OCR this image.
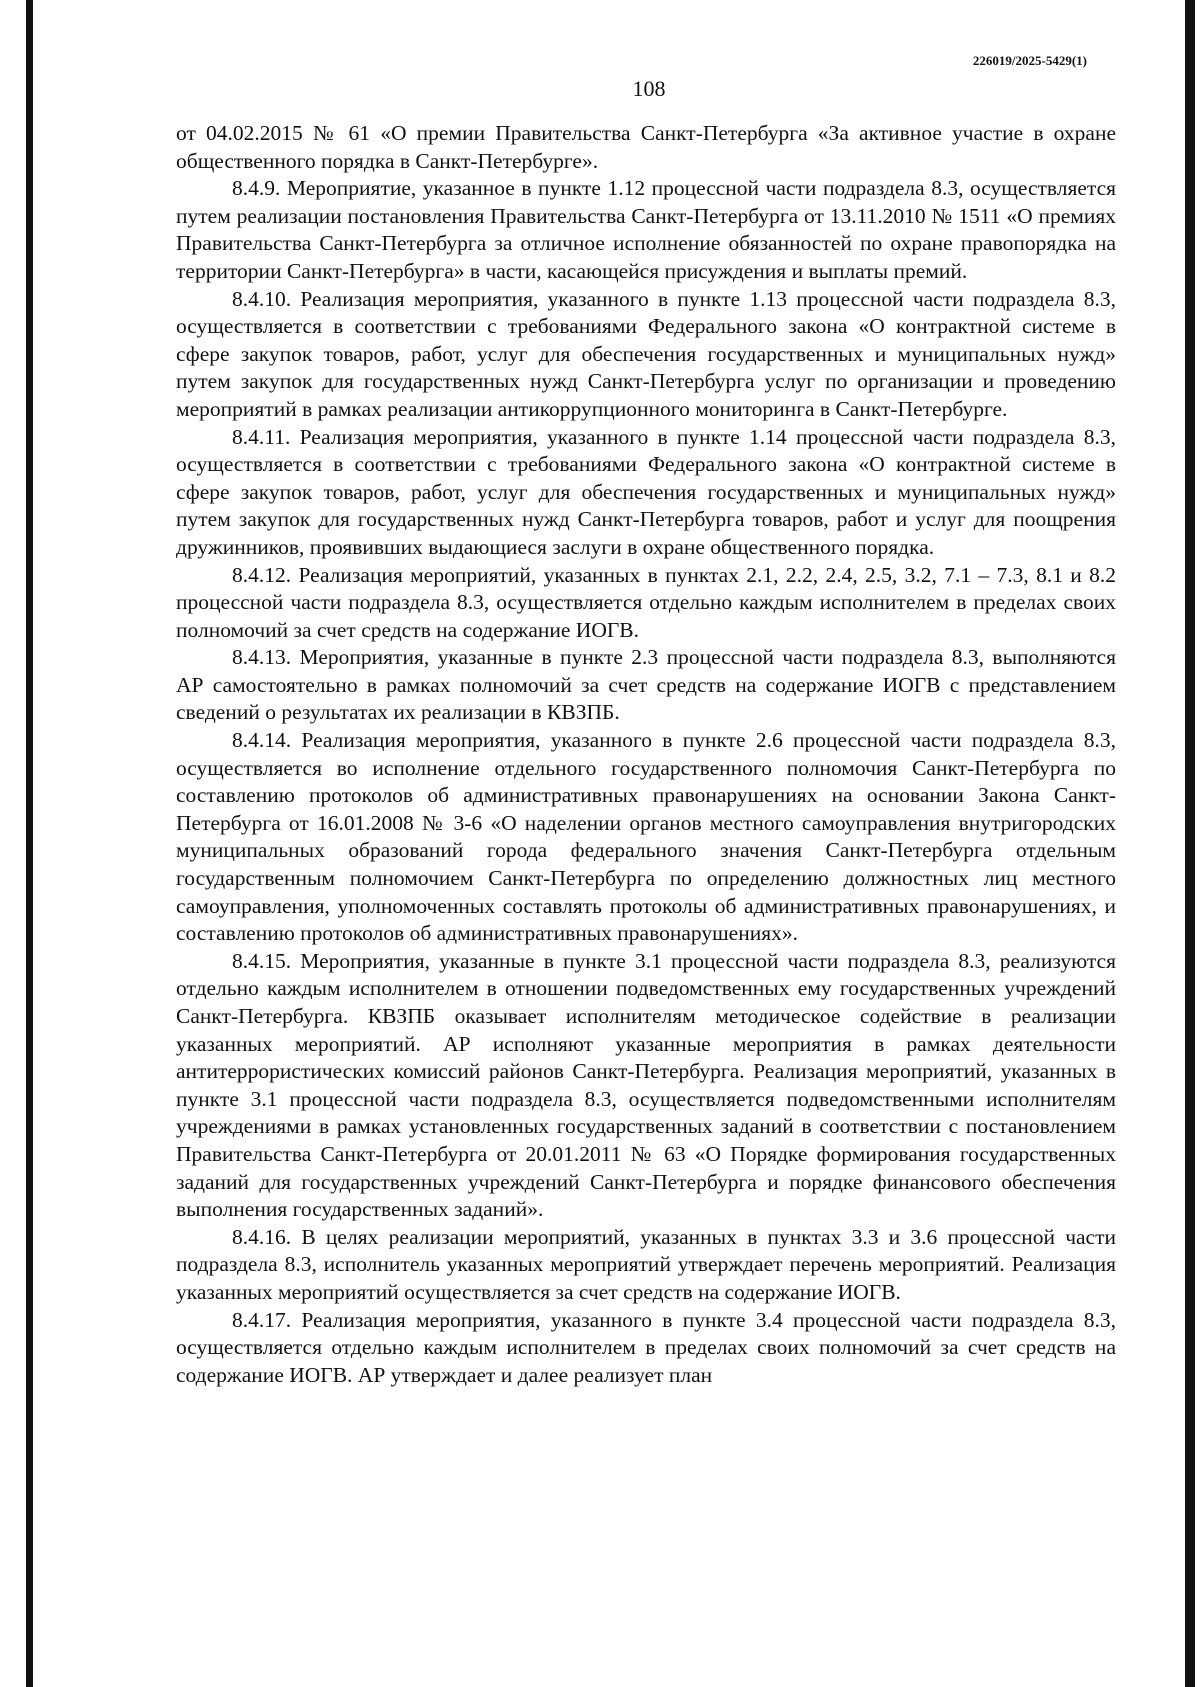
226019/2025-5429(1)
108

от 04.02.2015 № 61 «О премии Правительства Санкт-Петербурга «За активное участие в охране общественного порядка в Санкт-Петербурге».

8.4.9. Мероприятие, указанное в пункте 1.12 процессной части подраздела 8.3, осуществляется путем реализации постановления Правительства Санкт-Петербурга от 13.11.2010 № 1511 «О премиях Правительства Санкт-Петербурга за отличное исполнение обязанностей по охране правопорядка на территории Санкт-Петербурга» в части, касающейся присуждения и выплаты премий.

8.4.10. Реализация мероприятия, указанного в пункте 1.13 процессной части подраздела 8.3, осуществляется в соответствии с требованиями Федерального закона «О контрактной системе в сфере закупок товаров, работ, услуг для обеспечения государственных и муниципальных нужд» путем закупок для государственных нужд Санкт-Петербурга услуг по организации и проведению мероприятий в рамках реализации антикоррупционного мониторинга в Санкт-Петербурге.

8.4.11. Реализация мероприятия, указанного в пункте 1.14 процессной части подраздела 8.3, осуществляется в соответствии с требованиями Федерального закона «О контрактной системе в сфере закупок товаров, работ, услуг для обеспечения государственных и муниципальных нужд» путем закупок для государственных нужд Санкт-Петербурга товаров, работ и услуг для поощрения дружинников, проявивших выдающиеся заслуги в охране общественного порядка.

8.4.12. Реализация мероприятий, указанных в пунктах 2.1, 2.2, 2.4, 2.5, 3.2, 7.1 – 7.3, 8.1 и 8.2 процессной части подраздела 8.3, осуществляется отдельно каждым исполнителем в пределах своих полномочий за счет средств на содержание ИОГВ.

8.4.13. Мероприятия, указанные в пункте 2.3 процессной части подраздела 8.3, выполняются АР самостоятельно в рамках полномочий за счет средств на содержание ИОГВ с представлением сведений о результатах их реализации в КВЗПБ.

8.4.14. Реализация мероприятия, указанного в пункте 2.6 процессной части подраздела 8.3, осуществляется во исполнение отдельного государственного полномочия Санкт-Петербурга по составлению протоколов об административных правонарушениях на основании Закона Санкт-Петербурга от 16.01.2008 № 3-6 «О наделении органов местного самоуправления внутригородских муниципальных образований города федерального значения Санкт-Петербурга отдельным государственным полномочием Санкт-Петербурга по определению должностных лиц местного самоуправления, уполномоченных составлять протоколы об административных правонарушениях, и составлению протоколов об административных правонарушениях».

8.4.15. Мероприятия, указанные в пункте 3.1 процессной части подраздела 8.3, реализуются отдельно каждым исполнителем в отношении подведомственных ему государственных учреждений Санкт-Петербурга. КВЗПБ оказывает исполнителям методическое содействие в реализации указанных мероприятий. АР исполняют указанные мероприятия в рамках деятельности антитеррористических комиссий районов Санкт-Петербурга. Реализация мероприятий, указанных в пункте 3.1 процессной части подраздела 8.3, осуществляется подведомственными исполнителям учреждениями в рамках установленных государственных заданий в соответствии с постановлением Правительства Санкт-Петербурга от 20.01.2011 № 63 «О Порядке формирования государственных заданий для государственных учреждений Санкт-Петербурга и порядке финансового обеспечения выполнения государственных заданий».

8.4.16. В целях реализации мероприятий, указанных в пунктах 3.3 и 3.6 процессной части подраздела 8.3, исполнитель указанных мероприятий утверждает перечень мероприятий. Реализация указанных мероприятий осуществляется за счет средств на содержание ИОГВ.

8.4.17. Реализация мероприятия, указанного в пункте 3.4 процессной части подраздела 8.3, осуществляется отдельно каждым исполнителем в пределах своих полномочий за счет средств на содержание ИОГВ. АР утверждает и далее реализует план
